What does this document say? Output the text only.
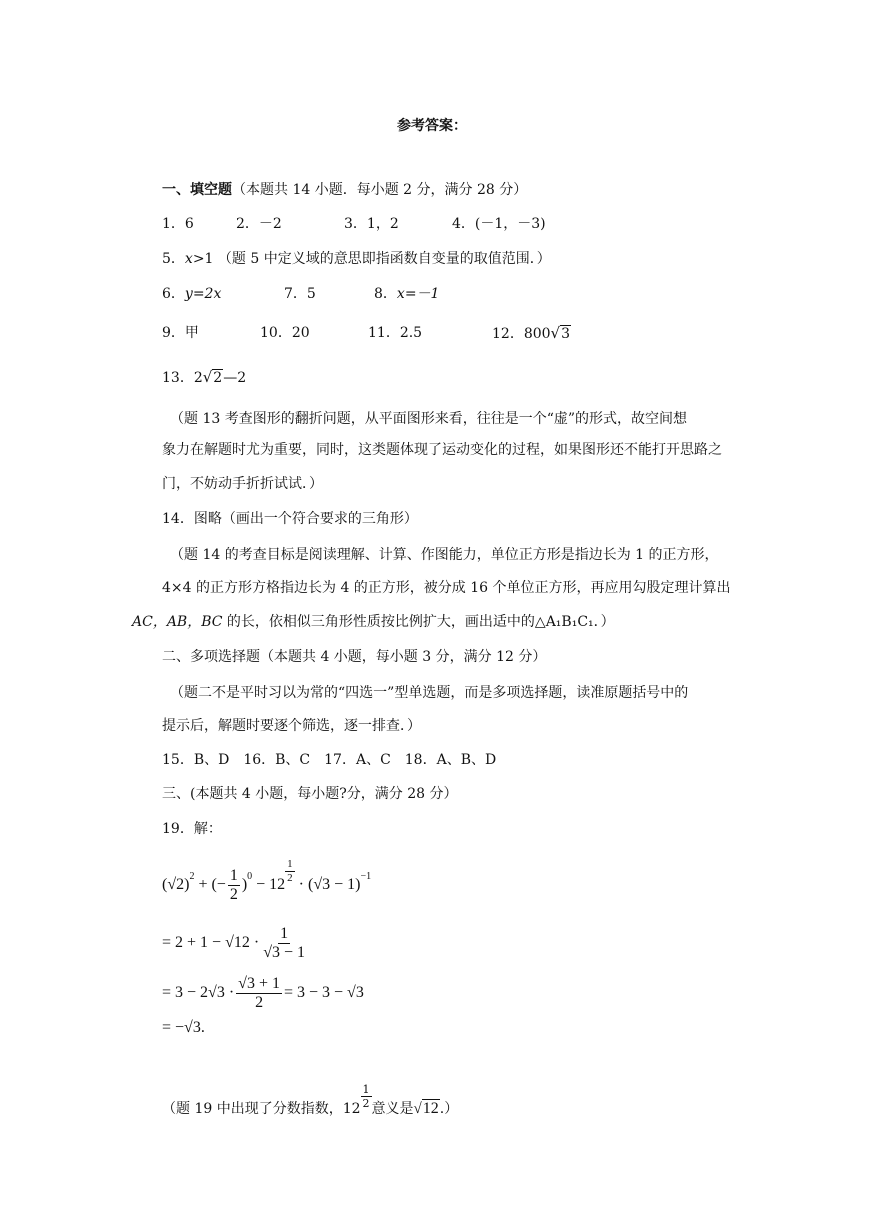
参考答案：
一、填空题（本题共 14 小题．每小题 2 分，满分 28 分）
1．6	2．－2	3．1，2	4．(－1，－3)
5．x>1 （题 5 中定义域的意思即指函数自变量的取值范围．）
6．y=2x	7．5	8．x=－1
9．甲	10．20	11．2.5	12．800√3
13．2√2—2
（题 13 考查图形的翻折问题，从平面图形来看，往往是一个“虚”的形式，故空间想
象力在解题时尤为重要，同时，这类题体现了运动变化的过程，如果图形还不能打开思路之
门，不妨动手折折试试．）
14．图略（画出一个符合要求的三角形）
（题 14 的考查目标是阅读理解、计算、作图能力，单位正方形是指边长为 1 的正方形，
4×4 的正方形方格指边长为 4 的正方形，被分成 16 个单位正方形，再应用勾股定理计算出
AC，AB，BC 的长，依相似三角形性质按比例扩大，画出适中的△A₁B₁C₁．）
二、多项选择题（本题共 4 小题，每小题 3 分，满分 12 分）
（题二不是平时习以为常的“四选一”型单选题，而是多项选择题，读准原题括号中的
提示后，解题时要逐个筛选，逐一排查．）
15．B、D　16．B、C　17．A、C　18．A、B、D
三、(本题共 4 小题，每小题?分，满分 28 分）
19．解：
$(√2)^2$ + (− $\frac{1}{2} )^0 - 12 \frac{1}{2} \cdot (√3 - 1)^{-1}$
= $2 + 1 - √12 \cdot \frac{1}{√3 - 1}$
= $3 - 2√3 \cdot \frac{√3 + 1}{2} = 3 - 3 - √3$
= −√3.
（题 19 中出现了分数指数，$12 \frac{1}{2}$ 意义是√12.）
